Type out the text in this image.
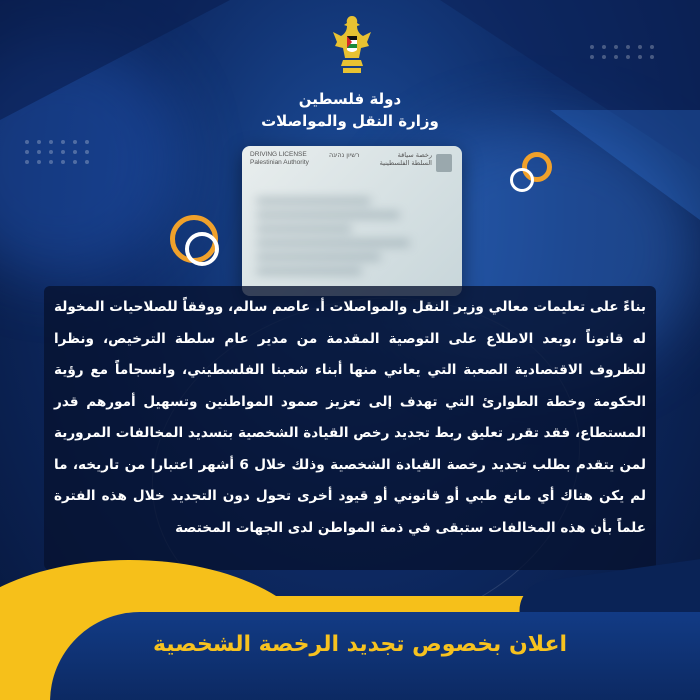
دولة فلسطين
وزارة النقل والمواصلات
DRIVING LICENSE
Palestinian Authority
רשיון נהיגה	رخصة سياقة
السلطة الفلسطينية
بناءً على تعليمات معالي وزير النقل والمواصلات أ. عاصم سالم، ووفقاً للصلاحيات المخولة له قانوناً ،وبعد الاطلاع على التوصية المقدمة من مدير عام سلطة الترخيص، ونظرا للظروف الاقتصادية الصعبة التي يعاني منها أبناء شعبنا الفلسطيني، وانسجاماً مع رؤية الحكومة وخطة الطوارئ التي تهدف إلى تعزيز صمود المواطنين وتسهيل أمورهم قدر المستطاع، فقد تقرر تعليق ربط تجديد رخص القيادة الشخصية بتسديد المخالفات المرورية لمن يتقدم بطلب تجديد رخصة القيادة الشخصية وذلك خلال 6 أشهر اعتبارا من تاريخه، ما لم يكن هناك أي مانع طبي أو قانوني أو قيود أخرى تحول دون التجديد خلال هذه الفترة علماً بأن هذه المخالفات ستبقى في ذمة المواطن لدى الجهات المختصة
اعلان بخصوص تجديد الرخصة الشخصية
